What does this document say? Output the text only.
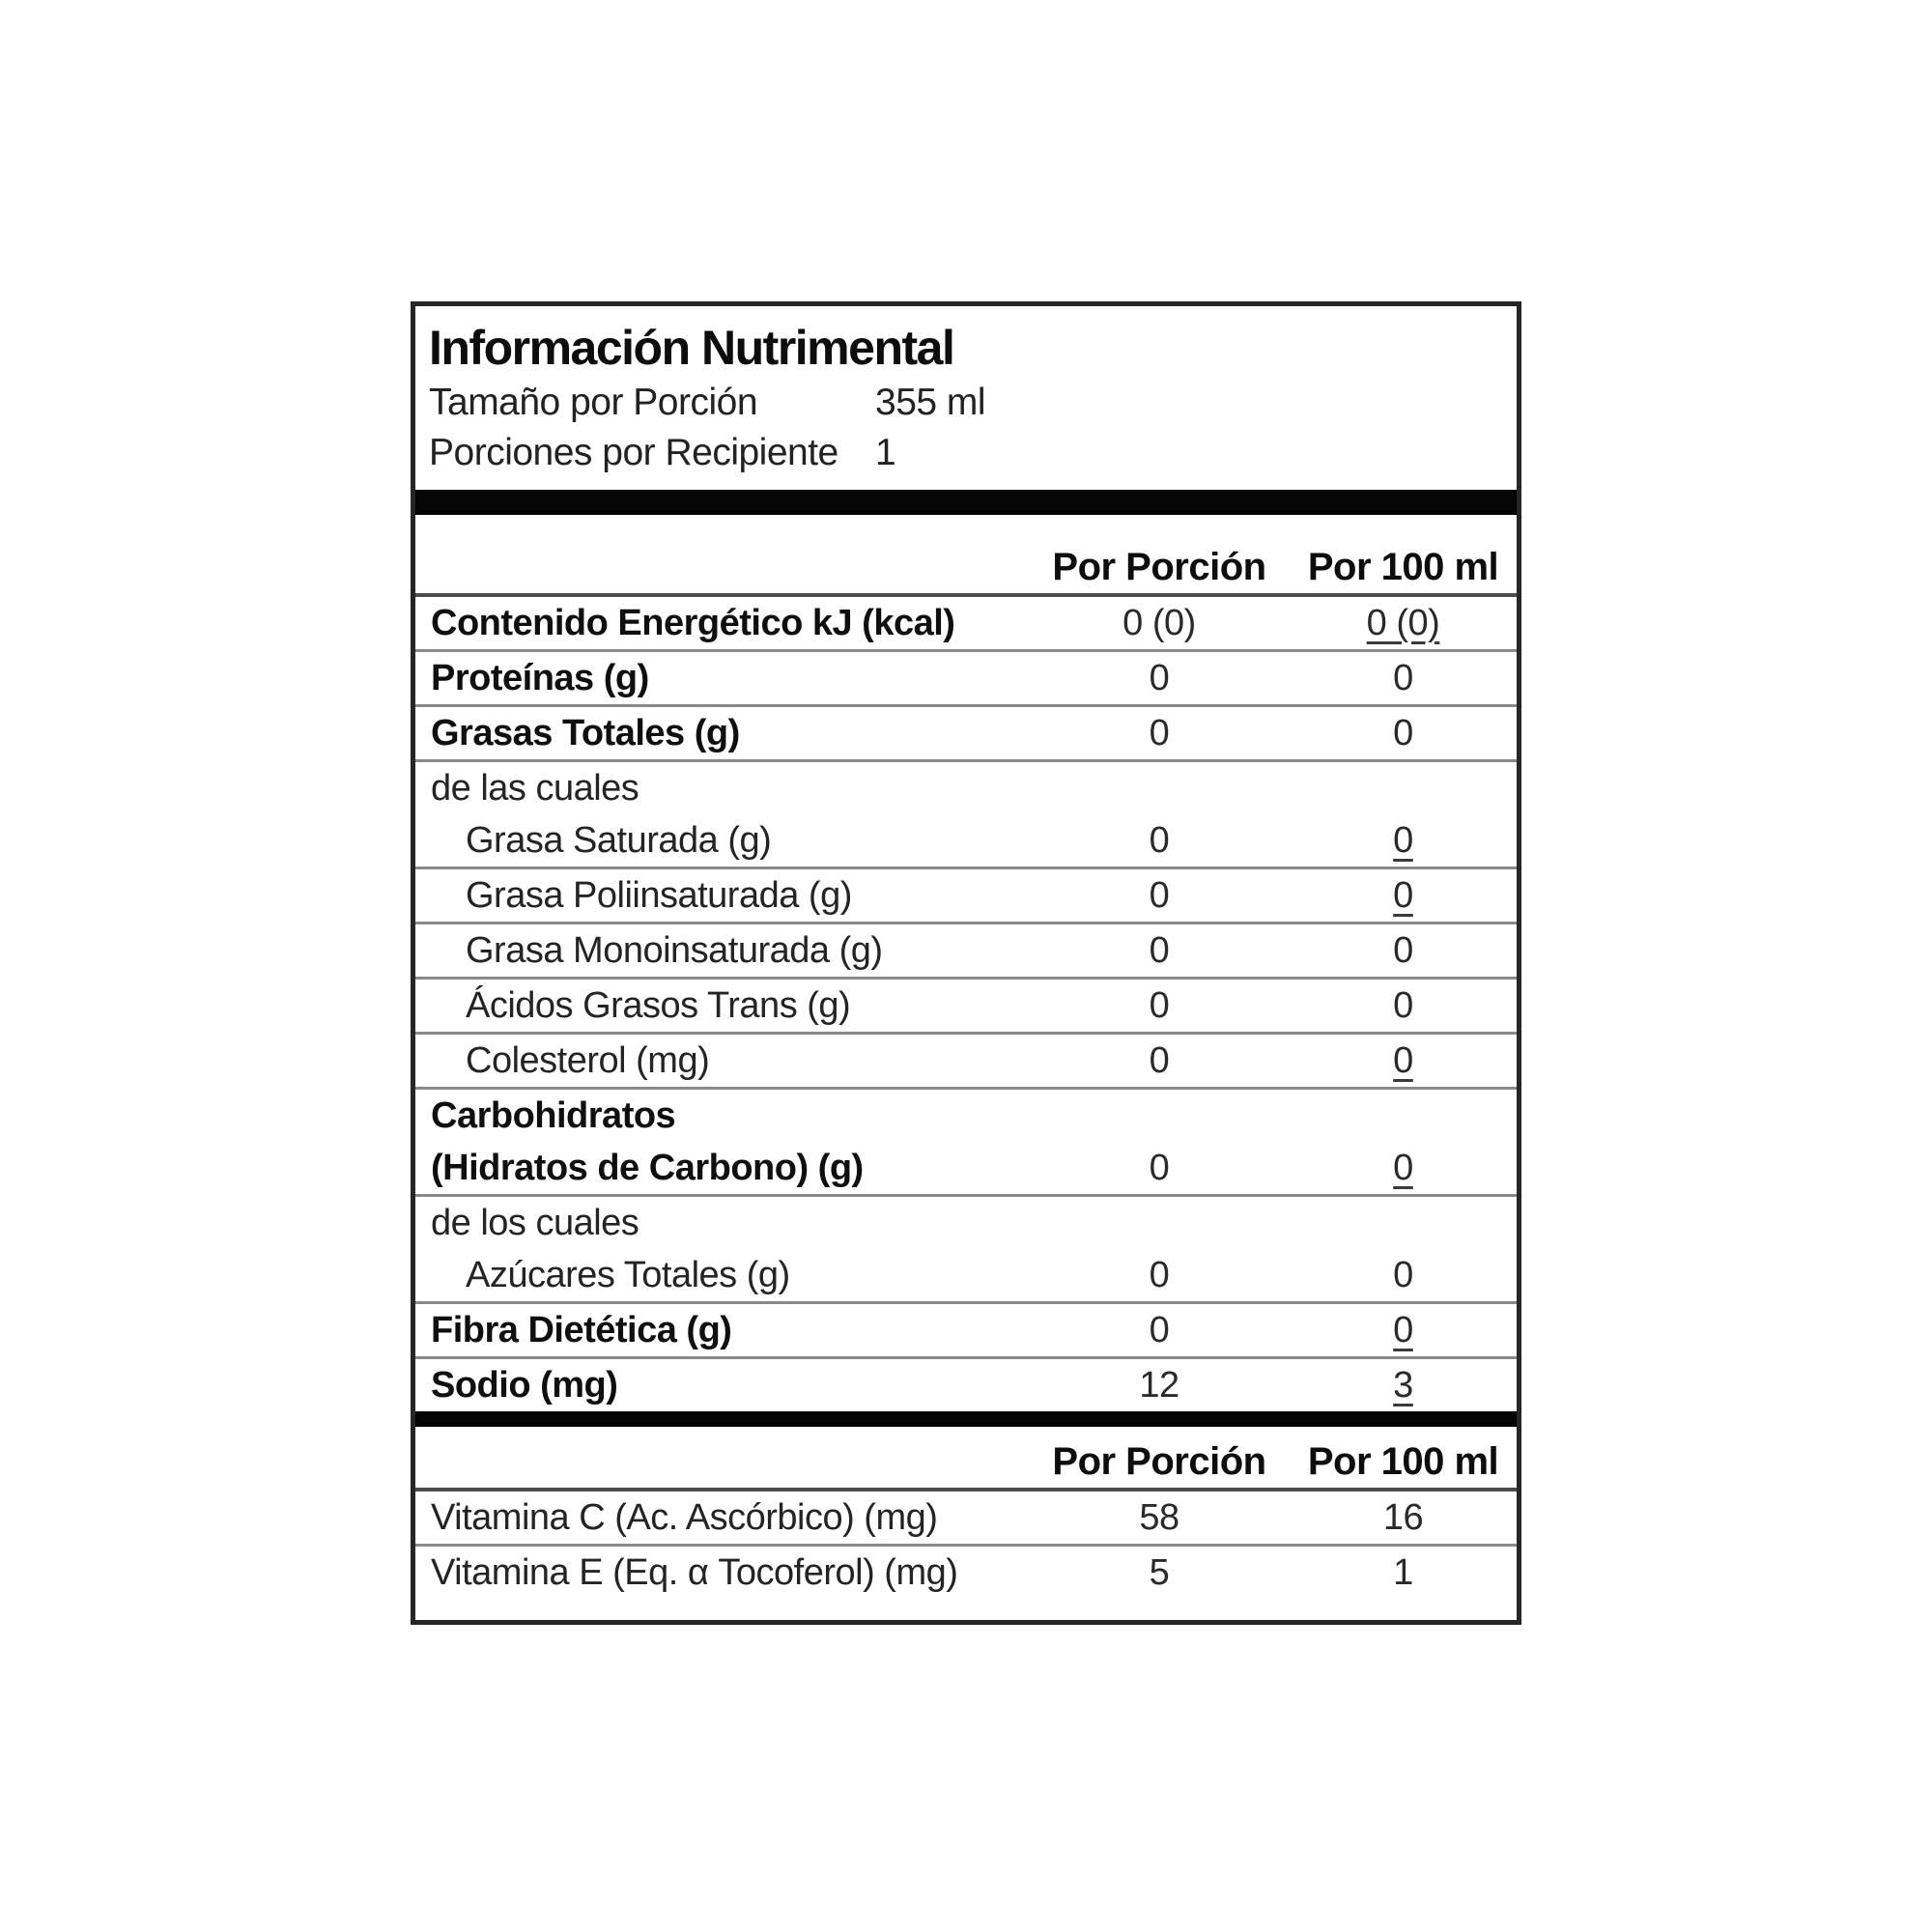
Información Nutrimental
Tamaño por Porción	355 ml
Porciones por Recipiente 1
Por Porción	Por 100 ml
Contenido Energético kJ (kcal)	0 (0)	0 (0)
Proteínas (g)	0	0
Grasas Totales (g)	0	0
de las cuales
Grasa Saturada (g)	0	0
Grasa Poliinsaturada (g)	0	0
Grasa Monoinsaturada (g)	0	0
Ácidos Grasos Trans (g)	0	0
Colesterol (mg)	0	0
Carbohidratos
(Hidratos de Carbono) (g)	0	0
de los cuales
Azúcares Totales (g)	0	0
Fibra Dietética (g)	0	0
Sodio (mg)	12	3
Por Porción	Por 100 ml
Vitamina C (Ac. Ascórbico) (mg)	58	16
Vitamina E (Eq. α Tocoferol) (mg)	5	1
